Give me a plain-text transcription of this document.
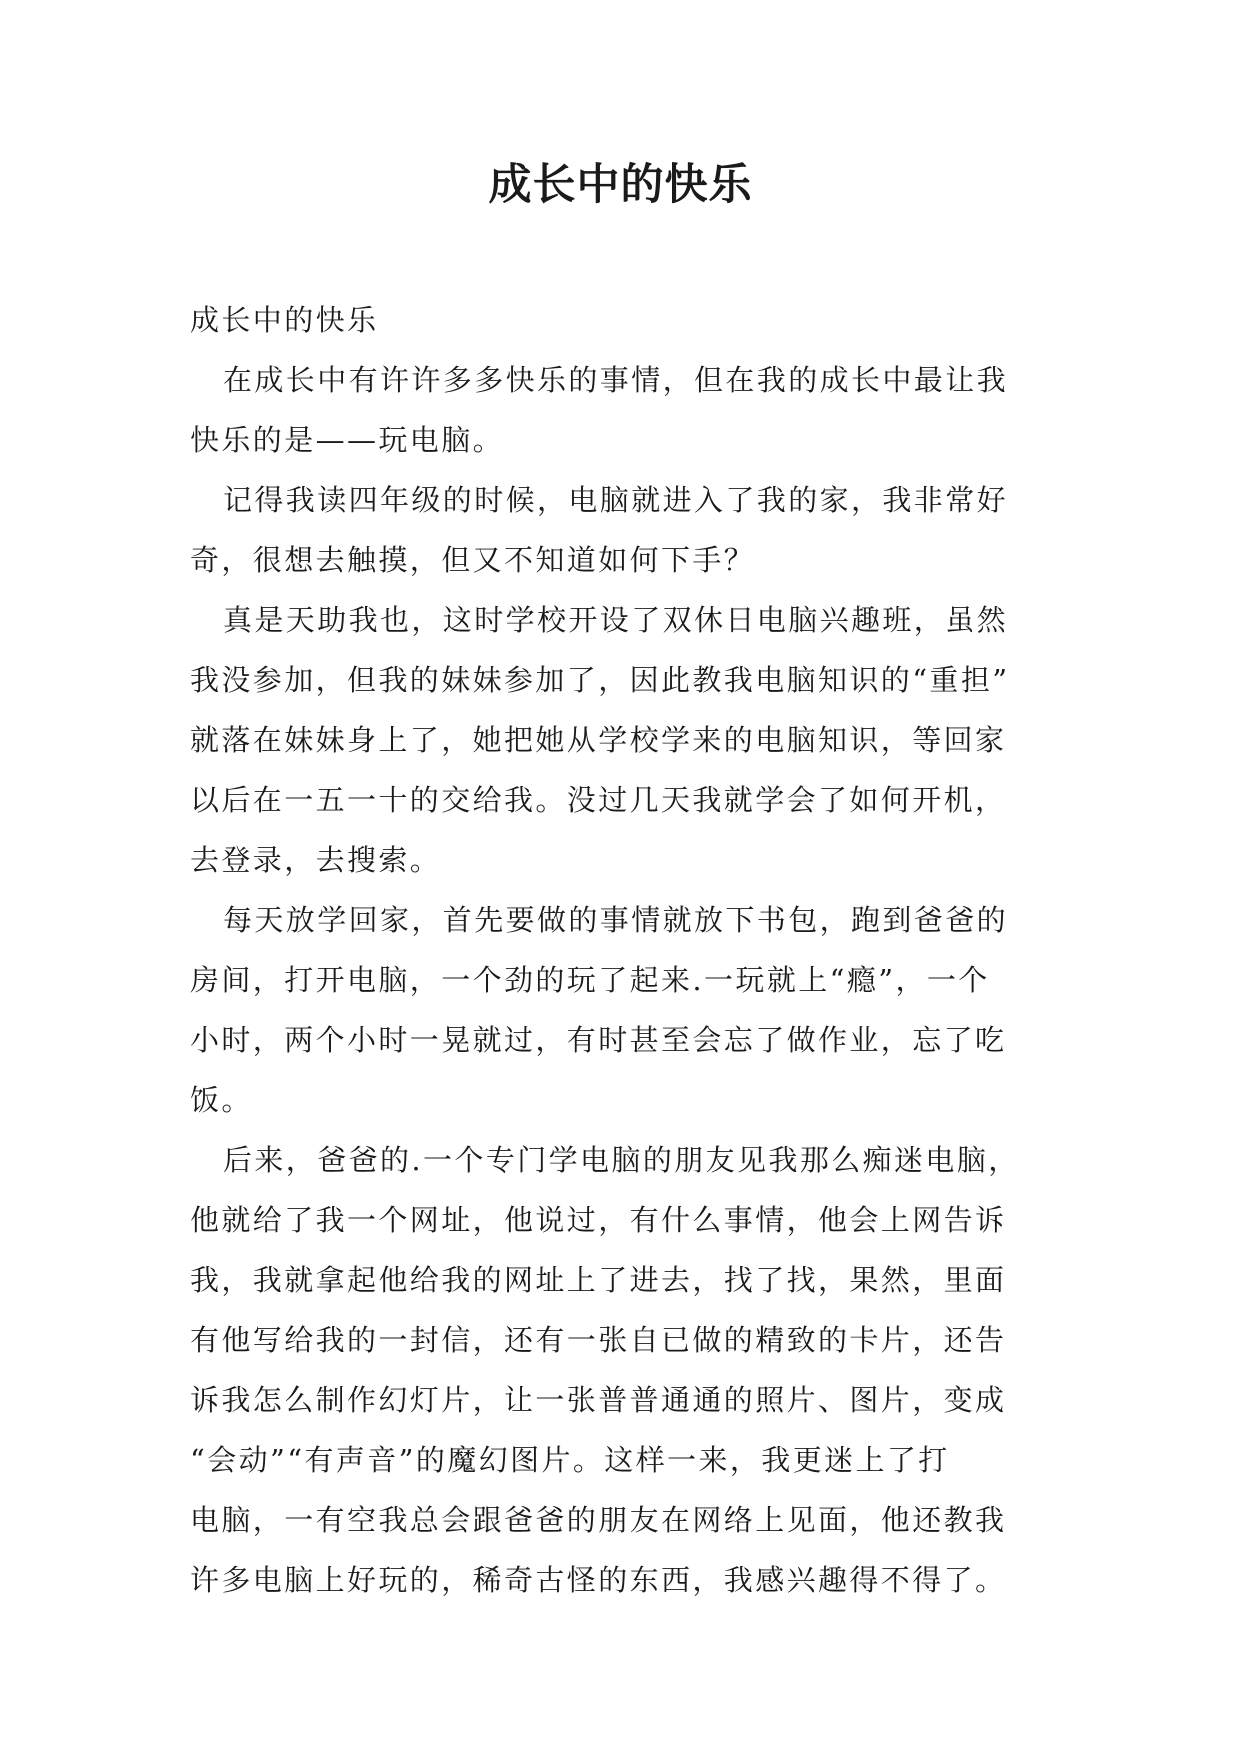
成长中的快乐

成长中的快乐

在成长中有许许多多快乐的事情，但在我的成长中最让我

快乐的是——玩电脑。

记得我读四年级的时候，电脑就进入了我的家，我非常好

奇，很想去触摸，但又不知道如何下手？

真是天助我也，这时学校开设了双休日电脑兴趣班，虽然

我没参加，但我的妹妹参加了，因此教我电脑知识的“重担”

就落在妹妹身上了，她把她从学校学来的电脑知识，等回家

以后在一五一十的交给我。没过几天我就学会了如何开机，

去登录，去搜索。

每天放学回家，首先要做的事情就放下书包，跑到爸爸的

房间，打开电脑，一个劲的玩了起来.一玩就上“瘾”，一个

小时，两个小时一晃就过，有时甚至会忘了做作业，忘了吃

饭。

后来，爸爸的.一个专门学电脑的朋友见我那么痴迷电脑，

他就给了我一个网址，他说过，有什么事情，他会上网告诉

我，我就拿起他给我的网址上了进去，找了找，果然，里面

有他写给我的一封信，还有一张自已做的精致的卡片，还告

诉我怎么制作幻灯片，让一张普普通通的照片、图片，变成

“会动”“有声音”的魔幻图片。这样一来，我更迷上了打

电脑，一有空我总会跟爸爸的朋友在网络上见面，他还教我

许多电脑上好玩的，稀奇古怪的东西，我感兴趣得不得了。
